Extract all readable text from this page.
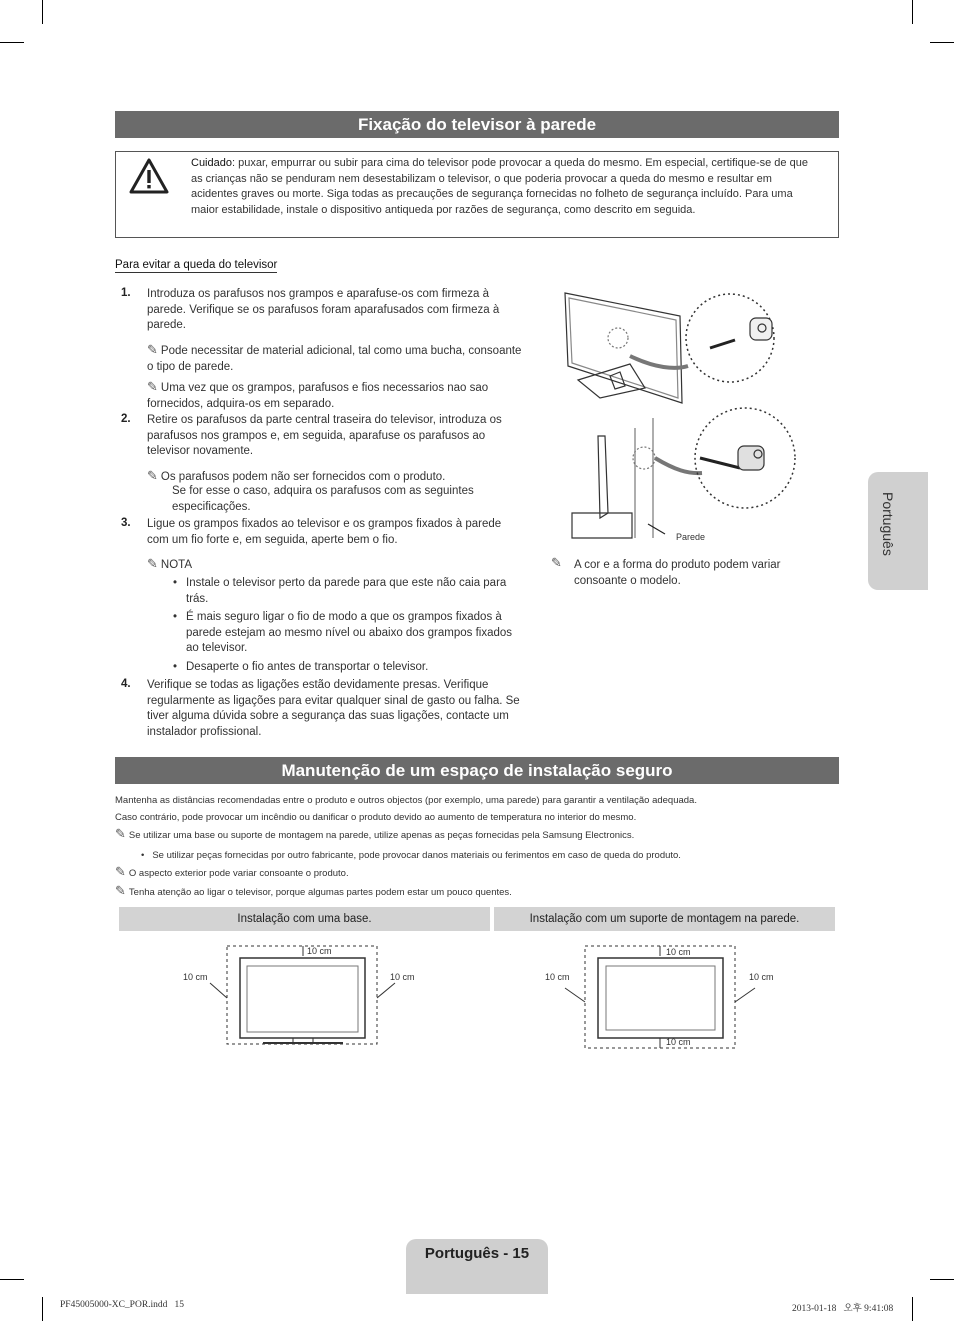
Fixação do televisor à parede
Cuidado: puxar, empurrar ou subir para cima do televisor pode provocar a queda do mesmo. Em especial, certifique-se de que as crianças não se penduram nem desestabilizam o televisor, o que poderia provocar a queda do mesmo e resultar em acidentes graves ou morte. Siga todas as precauções de segurança fornecidas no folheto de segurança incluído. Para uma maior estabilidade, instale o dispositivo antiqueda por razões de segurança, como descrito em seguida.
Para evitar a queda do televisor
1. Introduza os parafusos nos grampos e aparafuse-os com firmeza à parede. Verifique se os parafusos foram aparafusados com firmeza à parede.
✎ Pode necessitar de material adicional, tal como uma bucha, consoante o tipo de parede.
✎ Uma vez que os grampos, parafusos e fios necessarios nao sao fornecidos, adquira-os em separado.
2. Retire os parafusos da parte central traseira do televisor, introduza os parafusos nos grampos e, em seguida, aparafuse os parafusos ao televisor novamente.
✎ Os parafusos podem não ser fornecidos com o produto.
Se for esse o caso, adquira os parafusos com as seguintes especificações.
3. Ligue os grampos fixados ao televisor e os grampos fixados à parede com um fio forte e, em seguida, aperte bem o fio.
✎ NOTA
• Instale o televisor perto da parede para que este não caia para trás.
• É mais seguro ligar o fio de modo a que os grampos fixados à parede estejam ao mesmo nível ou abaixo dos grampos fixados ao televisor.
• Desaperte o fio antes de transportar o televisor.
4. Verifique se todas as ligações estão devidamente presas. Verifique regularmente as ligações para evitar qualquer sinal de gasto ou falha. Se tiver alguma dúvida sobre a segurança das suas ligações, contacte um instalador profissional.
Parede
✎ A cor e a forma do produto podem variar consoante o modelo.
Manutenção de um espaço de instalação seguro
Mantenha as distâncias recomendadas entre o produto e outros objectos (por exemplo, uma parede) para garantir a ventilação adequada.
Caso contrário, pode provocar um incêndio ou danificar o produto devido ao aumento de temperatura no interior do mesmo.
✎ Se utilizar uma base ou suporte de montagem na parede, utilize apenas as peças fornecidas pela Samsung Electronics.
• Se utilizar peças fornecidas por outro fabricante, pode provocar danos materiais ou ferimentos em caso de queda do produto.
✎ O aspecto exterior pode variar consoante o produto.
✎ Tenha atenção ao ligar o televisor, porque algumas partes podem estar um pouco quentes.
Instalação com uma base.	Instalação com um suporte de montagem na parede.
10 cm	10 cm
10 cm
10 cm	10 cm
10 cm
10 cm
Português
Português - 15
PF45005000-XC_POR.indd   15	2013-01-18   오후 9:41:08
